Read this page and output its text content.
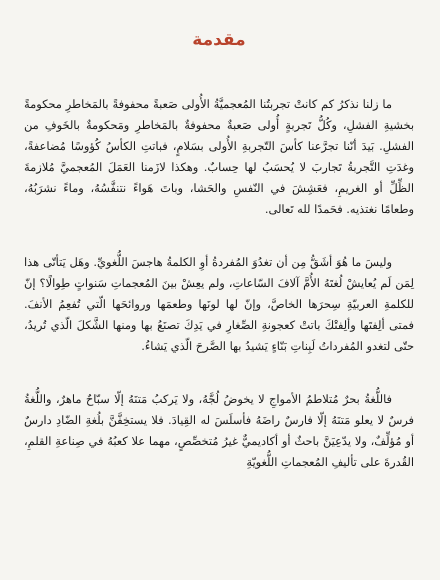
مقدمة

ما زلنا نذكرُ كم كانتْ تجربتُنا المُعجميَّةُ الأُولى صَعبةً محفوفةً بالمَخاطرِ محكومةً بخشيةِ الفشلِ، وكُلُّ تَجربةٍ أُولى صَعبةٌ محفوفةٌ بالمَخاطرِ ومَحكومةٌ بالخَوفِ من الفشلِ. بَيدَ أنّنا تجرَّعنا كأسَ التّجربةِ الأُولى بسَلامٍ، فباتتِ الكأسُ كُؤوسًا مُضاعفةً، وغدَتِ التَّجربةُ تَجاربَ لا يُحسَبُ لها حِسابٌ. وهكذا لازَمنا العَمَلَ المُعجميَّ مُلازمةَ الظِّلِّ أو الغريمِ، فعَشِشَ في النّفسِ والحَشا، وباتَ هَواءً نتنفَّسُهُ، وماءً نشرَبُهُ، وطعامًا نغتذيه. فحَمدًا لله تَعالى.

وليسَ ما هُوَ أشَقُّ مِن أن تغدُوَ المُفردةُ أوِ الكلمةُ هاجسَ اللُّغويِّ. وهَل يَتأتّى هذا لِمَن لَم يُعايشْ لُغتَهُ الأُمَّ آلافَ السّاعاتِ، ولم يعِشْ بينَ المُعجماتِ سَنواتٍ طِوالًا؟ إنّ للكلمةِ العربيّةِ سِحرَها الخاصَّ، وإنّ لها لونَها وطعمَها وروائحَها الّتي تُفعِمُ الأنفَ. فمتى ألِفتَها وألِفتْكَ باتتْ كعجونةِ الصِّغارِ في يَدِكَ تصنَعُ بها ومنها الشَّكلَ الّذي تُريدُ، حتّى لتغدو المُفرداتُ لَبِناتِ بَنّاءٍ يَشيدُ بها الصَّرحَ الّذي يَشاءُ.

فاللُّغةُ بحرٌ مُتلاطمُ الأمواجِ لا يخوضُ لُجَّهُ، ولا يَركبُ مَتنَهُ إلّا سبّاحٌ ماهرٌ، واللُّغةُ فرسٌ لا يعلو مَتنَهُ إلّا فارسٌ راضَهُ فأسلَسَ له القِيادَ. فلا يستخِفَّنَّ بلُغةِ الضّادِ دارسٌ أو مُؤلِّفٌ، ولا يدّعِيَنَّ باحثٌ أو أكاديميٌّ غيرُ مُتخصِّصٍ، مهما علا كعبُهُ في صِناعةِ القلمِ، القُدرةَ على تأليفِ المُعجماتِ اللُّغويّةِ
